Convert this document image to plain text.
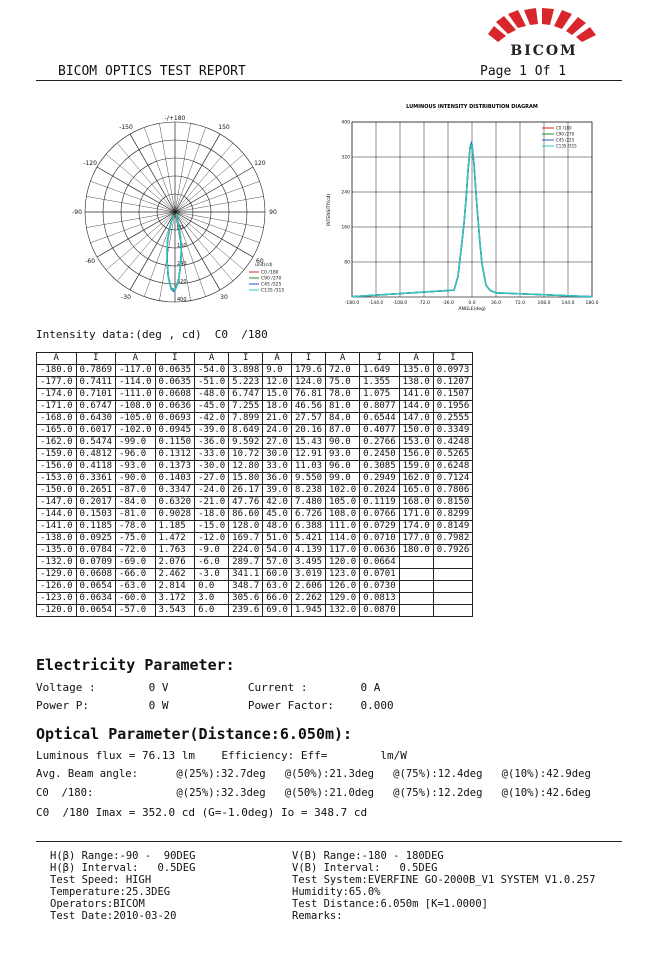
BICOM
BICOM OPTICS TEST REPORT	Page 1 Of 1
-/+180
-150	150
-120	120
-90	90
-60	60
-30	30
80
160
240
320
400
unit(cd)
C0 /180
C90 /270
C45 /225
C135 /315
LUMINOUS INTENSITY DISTRIBUTION DIAGRAM
-180.0 -144.0 -108.0 -72.0	-36.0	0.0	36.0	72.0	108.0 144.0 180.0
80
160
240
320
400
ANGLE(deg)
INTENSITY(cd)
C0 /180
C90 /270
C45 /225
C135 /315
Intensity data:(deg , cd)  C0  /180
A	I	A	I	A	I	A	I	A	I	A	I
-180.0	0.7869	-117.0	0.0635	-54.0	3.898	9.0	179.6	72.0	1.649	135.0	0.0973
-177.0	0.7411	-114.0	0.0635	-51.0	5.223	12.0	124.0	75.0	1.355	138.0	0.1207
-174.0	0.7101	-111.0	0.0608	-48.0	6.747	15.0	76.81	78.0	1.075	141.0	0.1507
-171.0	0.6747	-108.0	0.0636	-45.0	7.255	18.0	46.56	81.0	0.8077	144.0	0.1956
-168.0	0.6430	-105.0	0.0693	-42.0	7.899	21.0	27.57	84.0	0.6544	147.0	0.2555
-165.0	0.6017	-102.0	0.0945	-39.0	8.649	24.0	20.16	87.0	0.4077	150.0	0.3349
-162.0	0.5474	-99.0	0.1150	-36.0	9.592	27.0	15.43	90.0	0.2766	153.0	0.4248
-159.0	0.4812	-96.0	0.1312	-33.0	10.72	30.0	12.91	93.0	0.2450	156.0	0.5265
-156.0	0.4118	-93.0	0.1373	-30.0	12.80	33.0	11.03	96.0	0.3085	159.0	0.6248
-153.0	0.3361	-90.0	0.1403	-27.0	15.80	36.0	9.550	99.0	0.2949	162.0	0.7124
-150.0	0.2651	-87.0	0.3347	-24.0	26.17	39.0	8.238	102.0	0.2024	165.0	0.7806
-147.0	0.2017	-84.0	0.6320	-21.0	47.76	42.0	7.480	105.0	0.1119	168.0	0.8150
-144.0	0.1503	-81.0	0.9028	-18.0	86.60	45.0	6.726	108.0	0.0766	171.0	0.8299
-141.0	0.1185	-78.0	1.185	-15.0	128.0	48.0	6.388	111.0	0.0729	174.0	0.8149
-138.0	0.0925	-75.0	1.472	-12.0	169.7	51.0	5.421	114.0	0.0710	177.0	0.7982
-135.0	0.0784	-72.0	1.763	-9.0	224.0	54.0	4.139	117.0	0.0636	180.0	0.7926
-132.0	0.0709	-69.0	2.076	-6.0	289.7	57.0	3.495	120.0	0.0664		
-129.0	0.0608	-66.0	2.462	-3.0	341.1	60.0	3.019	123.0	0.0701		
-126.0	0.0654	-63.0	2.814	0.0	348.7	63.0	2.606	126.0	0.0730		
-123.0	0.0634	-60.0	3.172	3.0	305.6	66.0	2.262	129.0	0.0813		
-120.0	0.0654	-57.0	3.543	6.0	239.6	69.0	1.945	132.0	0.0870		
Electricity Parameter:
Voltage :        0 V            Current :        0 A
Power P:         0 W            Power Factor:    0.000
Optical Parameter(Distance:6.050m):
Luminous flux = 76.13 lm    Efficiency: Eff=        lm/W
Avg. Beam angle:      @(25%):32.7deg   @(50%):21.3deg   @(75%):12.4deg   @(10%):42.9deg
C0  /180:             @(25%):32.3deg   @(50%):21.0deg   @(75%):12.2deg   @(10%):42.6deg
C0  /180 Imax = 352.0 cd (G=-1.0deg) Io = 348.7 cd
H(β) Range:-90 -  90DEG
H(β) Interval:   0.5DEG
Test Speed: HIGH
Temperature:25.3DEG
Operators:BICOM
Test Date:2010-03-20
V(B) Range:-180 - 180DEG
V(B) Interval:   0.5DEG
Test System:EVERFINE GO-2000B_V1 SYSTEM V1.0.257
Humidity:65.0%
Test Distance:6.050m [K=1.0000]
Remarks:
